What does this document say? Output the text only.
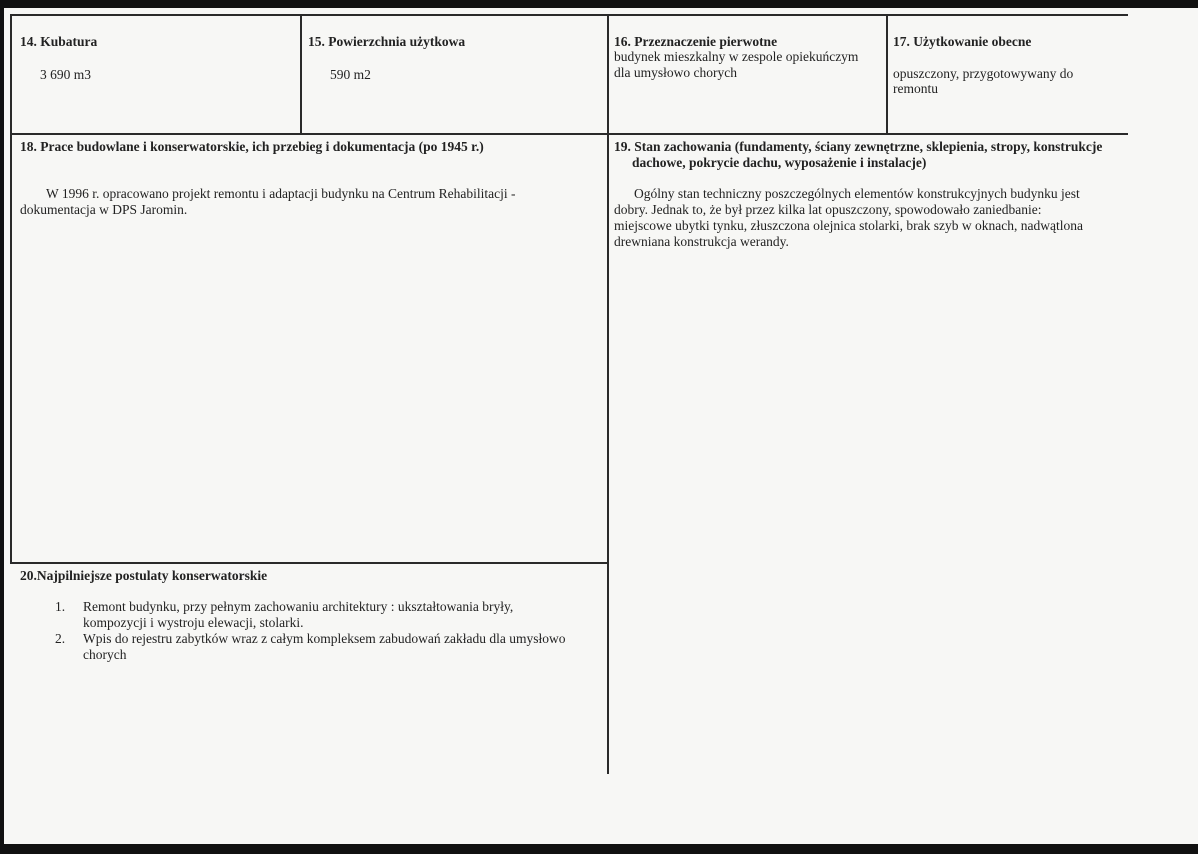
14. Kubatura
3 690 m3
15. Powierzchnia użytkowa
590 m2
16. Przeznaczenie pierwotne
budynek mieszkalny w zespole opiekuńczym
dla umysłowo chorych
17. Użytkowanie obecne
opuszczony, przygotowywany do
remontu
18. Prace budowlane i konserwatorskie, ich przebieg i dokumentacja (po 1945 r.)
W 1996 r. opracowano projekt remontu i adaptacji budynku na Centrum Rehabilitacji -
dokumentacja w DPS Jaromin.
19. Stan zachowania (fundamenty, ściany zewnętrzne, sklepienia, stropy, konstrukcje
dachowe, pokrycie dachu, wyposażenie i instalacje)
Ogólny stan techniczny poszczególnych elementów konstrukcyjnych budynku jest
dobry. Jednak to, że był przez kilka lat opuszczony, spowodowało zaniedbanie:
miejscowe ubytki tynku, złuszczona olejnica stolarki, brak szyb w oknach, nadwątlona
drewniana konstrukcja werandy.
20.Najpilniejsze postulaty konserwatorskie
1. Remont budynku, przy pełnym zachowaniu architektury : ukształtowania bryły,
kompozycji i wystroju elewacji, stolarki.
2. Wpis do rejestru zabytków wraz z całym kompleksem zabudowań zakładu dla umysłowo
chorych
